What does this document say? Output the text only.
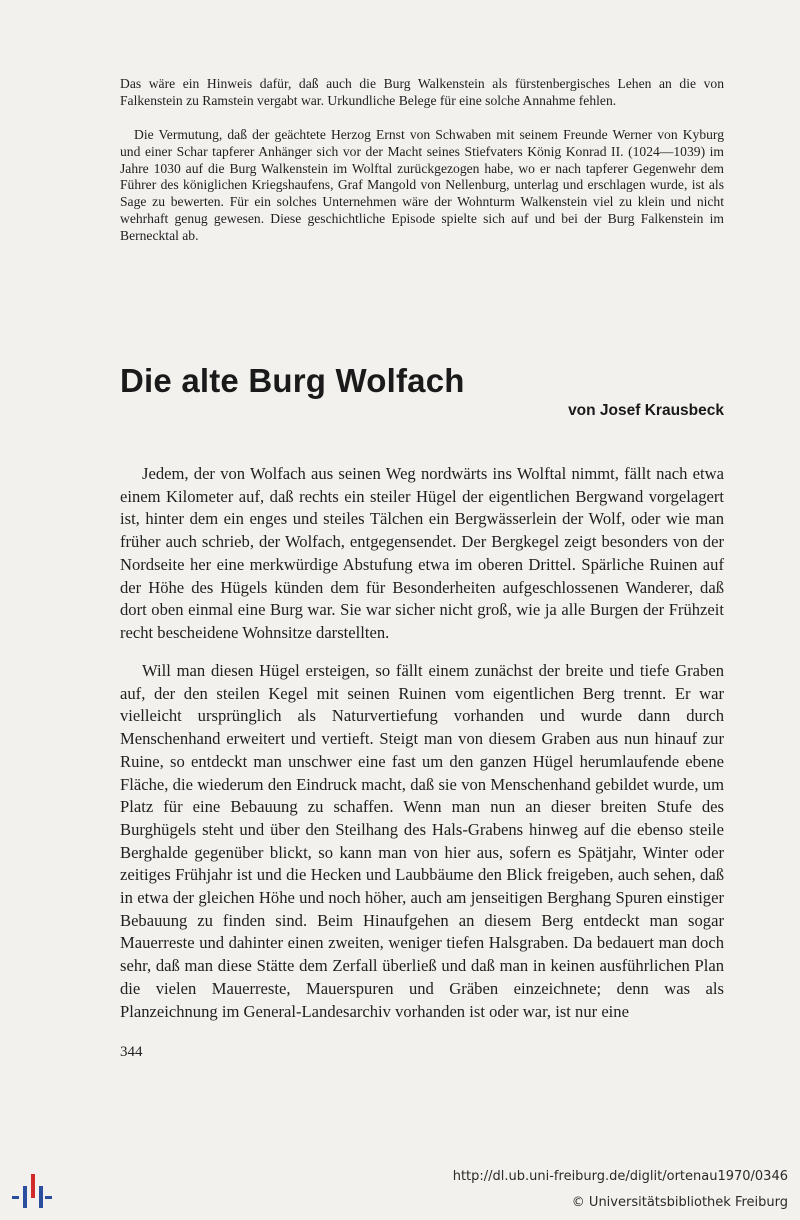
Das wäre ein Hinweis dafür, daß auch die Burg Walkenstein als fürstenbergisches Lehen an die von Falkenstein zu Ramstein vergabt war. Urkundliche Belege für eine solche Annahme fehlen.

Die Vermutung, daß der geächtete Herzog Ernst von Schwaben mit seinem Freunde Werner von Kyburg und einer Schar tapferer Anhänger sich vor der Macht seines Stiefvaters König Konrad II. (1024—1039) im Jahre 1030 auf die Burg Walkenstein im Wolftal zurückgezogen habe, wo er nach tapferer Gegenwehr dem Führer des königlichen Kriegshaufens, Graf Mangold von Nellenburg, unterlag und erschlagen wurde, ist als Sage zu bewerten. Für ein solches Unternehmen wäre der Wohnturm Walkenstein viel zu klein und nicht wehrhaft genug gewesen. Diese geschichtliche Episode spielte sich auf und bei der Burg Falkenstein im Bernecktal ab.

Die alte Burg Wolfach

von Josef Krausbeck

Jedem, der von Wolfach aus seinen Weg nordwärts ins Wolftal nimmt, fällt nach etwa einem Kilometer auf, daß rechts ein steiler Hügel der eigentlichen Bergwand vorgelagert ist, hinter dem ein enges und steiles Tälchen ein Bergwässerlein der Wolf, oder wie man früher auch schrieb, der Wolfach, entgegensendet. Der Bergkegel zeigt besonders von der Nordseite her eine merkwürdige Abstufung etwa im oberen Drittel. Spärliche Ruinen auf der Höhe des Hügels künden dem für Besonderheiten aufgeschlossenen Wanderer, daß dort oben einmal eine Burg war. Sie war sicher nicht groß, wie ja alle Burgen der Frühzeit recht bescheidene Wohnsitze darstellten.

Will man diesen Hügel ersteigen, so fällt einem zunächst der breite und tiefe Graben auf, der den steilen Kegel mit seinen Ruinen vom eigentlichen Berg trennt. Er war vielleicht ursprünglich als Naturvertiefung vorhanden und wurde dann durch Menschenhand erweitert und vertieft. Steigt man von diesem Graben aus nun hinauf zur Ruine, so entdeckt man unschwer eine fast um den ganzen Hügel herumlaufende ebene Fläche, die wiederum den Eindruck macht, daß sie von Menschenhand gebildet wurde, um Platz für eine Bebauung zu schaffen. Wenn man nun an dieser breiten Stufe des Burghügels steht und über den Steilhang des Hals-Grabens hinweg auf die ebenso steile Berghalde gegenüber blickt, so kann man von hier aus, sofern es Spätjahr, Winter oder zeitiges Frühjahr ist und die Hecken und Laubbäume den Blick freigeben, auch sehen, daß in etwa der gleichen Höhe und noch höher, auch am jenseitigen Berghang Spuren einstiger Bebauung zu finden sind. Beim Hinaufgehen an diesem Berg entdeckt man sogar Mauerreste und dahinter einen zweiten, weniger tiefen Halsgraben. Da bedauert man doch sehr, daß man diese Stätte dem Zerfall überließ und daß man in keinen ausführlichen Plan die vielen Mauerreste, Mauerspuren und Gräben einzeichnete; denn was als Planzeichnung im General-Landesarchiv vorhanden ist oder war, ist nur eine

344

http://dl.ub.uni-freiburg.de/diglit/ortenau1970/0346
© Universitätsbibliothek Freiburg
